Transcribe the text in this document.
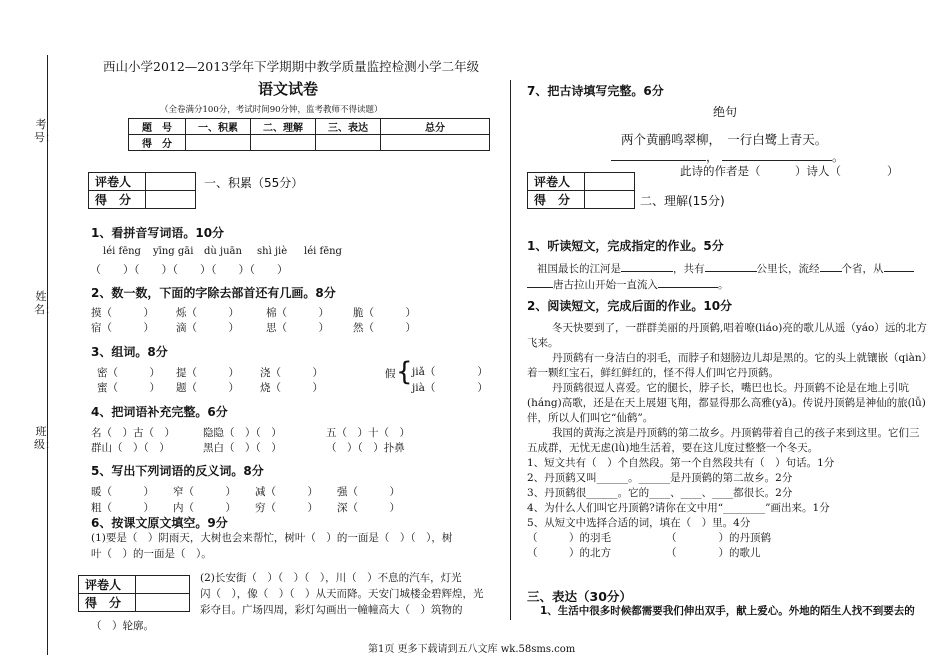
考号：
姓名：
班级：
西山小学2012—2013学年下学期期中教学质量监控检测小学二年级
语文试卷
（全卷满分100分，考试时间90分钟，监考教师不得读题）
题　号	一、积累	二、理解	三、表达	总分
得　分				
评卷人	
得　分	
一、积累（55分）
1、看拼音写词语。10分
léi fēng yīng gāi dù juān shì jiè léi fēng
（　　）（　　）（　　）（　　）（　　）
2、数一数，下面的字除去部首还有几画。8分
摸（　　　） 烁（　　　）	棉（　　　） 脆（　　　）
宿（　　　） 滴（　　　）	思（　　　） 然（　　　）
3、组词。8分
密（　　　） 提（　　　） 浇（　　　）
蜜（　　　） 题（　　　） 烧（　　　）
假 { jiǎ（　　　　）
jià（　　　　）
4、把词语补充完整。6分
名（　）古（　）	隐隐（　）（　）	五（　）十（　）
群山（　）（　）	黑白（　）（　）	（　）（　）扑鼻
5、写出下列词语的反义词。8分
暖（　　　） 窄（　　　） 减（　　　） 强（　　　）
粗（　　　） 内（　　　） 穷（　　　） 深（　　　）
6、按课文原文填空。9分
(1)要是（　）阴雨天，大树也会来帮忙，树叶（　）的一面是（　）（　），树
叶（　）的一面是（　）。
(2)长安街（　）（　）（　），川（　）不息的汽车，灯光
闪（　），像（　）（　）从天而降。天安门城楼金碧辉煌，光
彩夺目。广场四周，彩灯勾画出一幢幢高大（　）筑物的
（　）轮廓。
评卷人	
得　分	
7、把古诗填写完整。6分
绝句
两个黄鹂鸣翠柳，　一行白鹭上青天。
，	。
此诗的作者是（　　　）诗人（　　　　）
评卷人	
得　分		二、理解(15分)
1、听读短文，完成指定的作业。5分
祖国最长的江河是	，共有	公里长，流经 个省，从
唐古拉山开始一直流入	。
2、阅读短文，完成后面的作业。10分
冬天快要到了，一群群美丽的丹顶鹤,唱着嘹(liáo)亮的歌儿从遥（yáo）远的北方
飞来。
丹顶鹤有一身洁白的羽毛，而脖子和翅膀边儿却是黑的。它的头上就镶嵌（qiàn）
着一颗红宝石，鲜红鲜红的，怪不得人们叫它丹顶鹤。
丹顶鹤很逗人喜爱。它的腿长，脖子长，嘴巴也长。丹顶鹤不论是在地上引吭
(háng)高歌，还是在天上展翅飞翔，都显得那么高雅(yǎ)。传说丹顶鹤是神仙的旅(lǚ)
伴，所以人们叫它“仙鹤”。
我国的黄海之滨是丹顶鹤的第二故乡。丹顶鹤带着自己的孩子来到这里。它们三
五成群，无忧无虑(lǜ)地生活着，要在这儿度过整整一个冬天。
1、短文共有（　）个自然段。第一个自然段共有（　）句话。1分
2、丹顶鹤又叫______。______是丹顶鹤的第二故乡。2分
3、丹顶鹤很______。它的____、____、____都很长。2分
4、为什么人们叫它丹顶鹤?请你在文中用“________”画出来。1分
5、从短文中选择合适的词，填在（　）里。4分
（　　　）的羽毛	（　　　　）的丹顶鹤
（　　　）的北方	（　　　　）的歌儿
三、表达（30分）
1、生活中很多时候都需要我们伸出双手，献上爱心。外地的陌生人找不到要去的
第1页 更多下载请到五八文库 wk.58sms.com
